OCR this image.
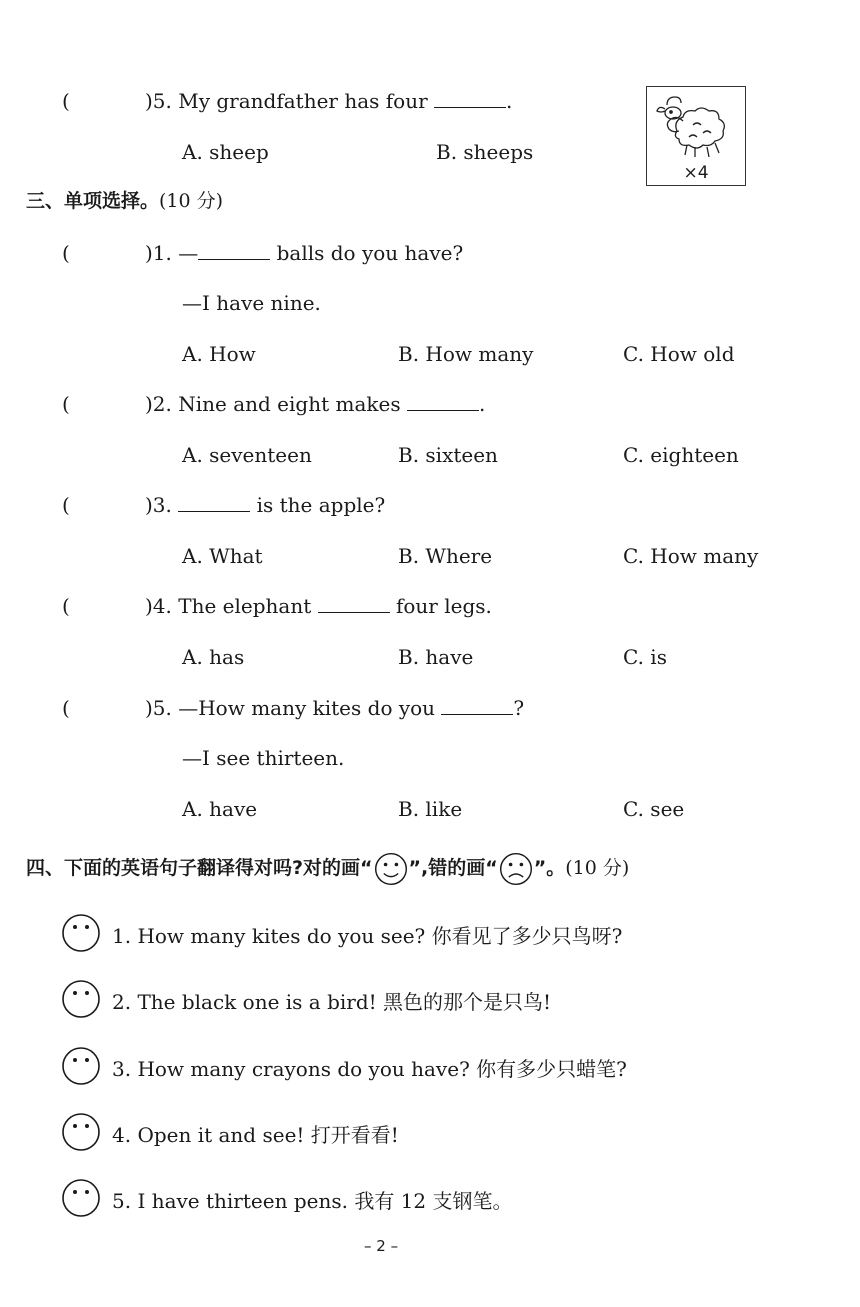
(	)5. My grandfather has four	.
A. sheep	B. sheeps
×4
三、单项选择。(10 分)
(	)1. —	balls do you have?
—I have nine.
A. How	B. How many	C. How old
(	)2. Nine and eight makes	.
A. seventeen	B. sixteen	C. eighteen
(	)3.	is the apple?
A. What	B. Where	C. How many
(	)4. The elephant	four legs.
A. has	B. have	C. is
(	)5. —How many kites do you	?
—I see thirteen.
A. have	B. like	C. see
四、下面的英语句子翻译得对吗?对的画“ ”,错的画“ ”。(10 分)
1. How many kites do you see? 你看见了多少只鸟呀?
2. The black one is a bird! 黑色的那个是只鸟!
3. How many crayons do you have? 你有多少只蜡笔?
4. Open it and see! 打开看看!
5. I have thirteen pens. 我有 12 支钢笔。
– 2 –
